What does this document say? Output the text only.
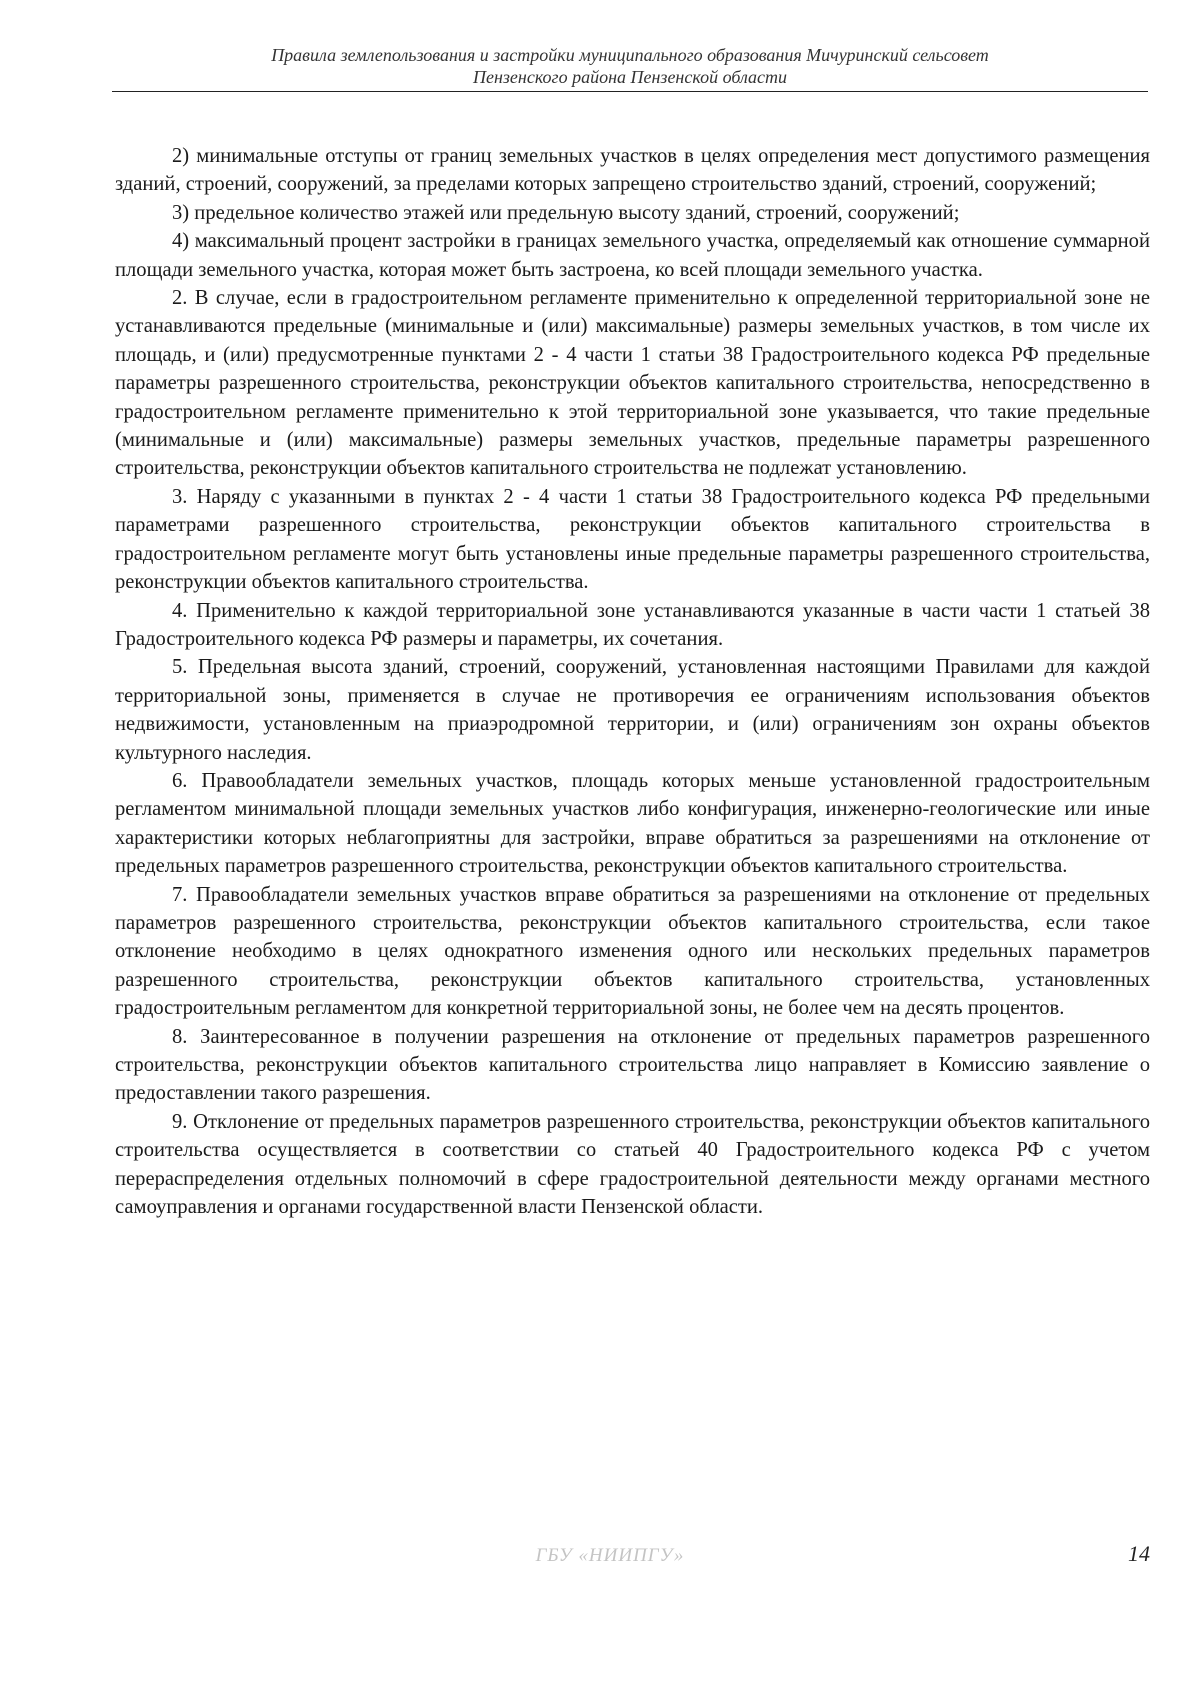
Правила землепользования и застройки муниципального образования Мичуринский сельсовет
Пензенского района Пензенской области

2) минимальные отступы от границ земельных участков в целях определения мест допустимого размещения зданий, строений, сооружений, за пределами которых запрещено строительство зданий, строений, сооружений;

3) предельное количество этажей или предельную высоту зданий, строений, сооружений;

4) максимальный процент застройки в границах земельного участка, определяемый как отношение суммарной площади земельного участка, которая может быть застроена, ко всей площади земельного участка.

2. В случае, если в градостроительном регламенте применительно к определенной территориальной зоне не устанавливаются предельные (минимальные и (или) максимальные) размеры земельных участков, в том числе их площадь, и (или) предусмотренные пунктами 2 - 4 части 1 статьи 38 Градостроительного кодекса РФ предельные параметры разрешенного строительства, реконструкции объектов капитального строительства, непосредственно в градостроительном регламенте применительно к этой территориальной зоне указывается, что такие предельные (минимальные и (или) максимальные) размеры земельных участков, предельные параметры разрешенного строительства, реконструкции объектов капитального строительства не подлежат установлению.

3. Наряду с указанными в пунктах 2 - 4 части 1 статьи 38 Градостроительного кодекса РФ предельными параметрами разрешенного строительства, реконструкции объектов капитального строительства в градостроительном регламенте могут быть установлены иные предельные параметры разрешенного строительства, реконструкции объектов капитального строительства.

4. Применительно к каждой территориальной зоне устанавливаются указанные в части части 1 статьей 38 Градостроительного кодекса РФ размеры и параметры, их сочетания.

5. Предельная высота зданий, строений, сооружений, установленная настоящими Правилами для каждой территориальной зоны, применяется в случае не противоречия ее ограничениям использования объектов недвижимости, установленным на приаэродромной территории, и (или) ограничениям зон охраны объектов культурного наследия.

6. Правообладатели земельных участков, площадь которых меньше установленной градостроительным регламентом минимальной площади земельных участков либо конфигурация, инженерно-геологические или иные характеристики которых неблагоприятны для застройки, вправе обратиться за разрешениями на отклонение от предельных параметров разрешенного строительства, реконструкции объектов капитального строительства.

7. Правообладатели земельных участков вправе обратиться за разрешениями на отклонение от предельных параметров разрешенного строительства, реконструкции объектов капитального строительства, если такое отклонение необходимо в целях однократного изменения одного или нескольких предельных параметров разрешенного строительства, реконструкции объектов капитального строительства, установленных градостроительным регламентом для конкретной территориальной зоны, не более чем на десять процентов.

8. Заинтересованное в получении разрешения на отклонение от предельных параметров разрешенного строительства, реконструкции объектов капитального строительства лицо направляет в Комиссию заявление о предоставлении такого разрешения.

9. Отклонение от предельных параметров разрешенного строительства, реконструкции объектов капитального строительства осуществляется в соответствии со статьей 40 Градостроительного кодекса РФ с учетом перераспределения отдельных полномочий в сфере градостроительной деятельности между органами местного самоуправления и органами государственной власти Пензенской области.

ГБУ «НИИПГУ»	14
